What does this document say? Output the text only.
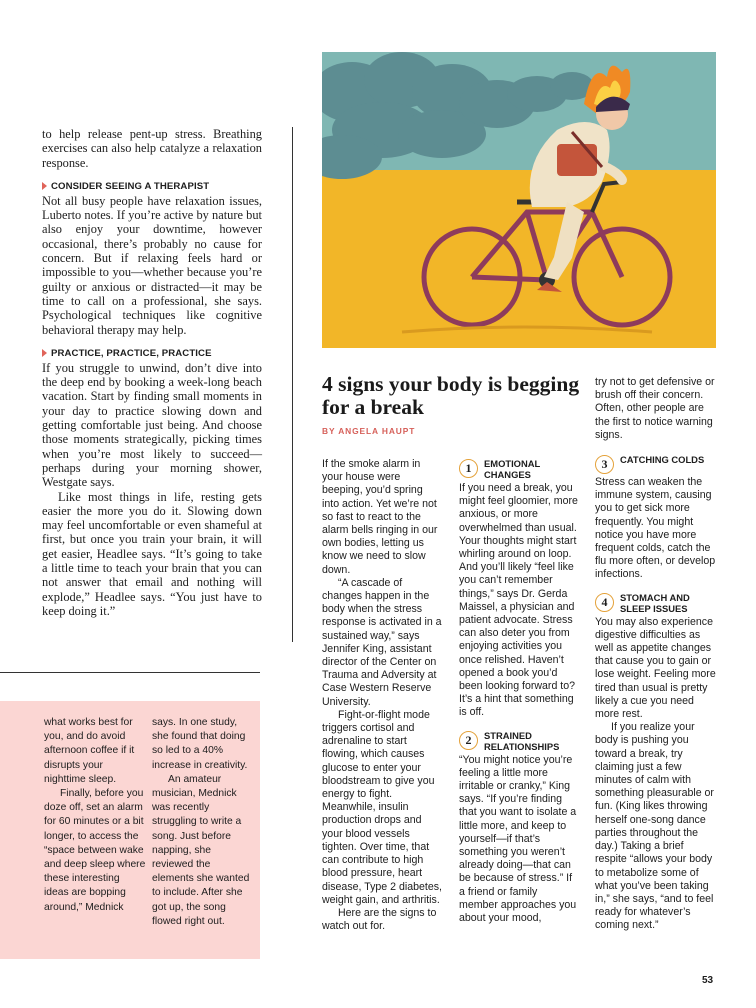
to help release pent-up stress. Breathing exercises can also help catalyze a relaxation response.

CONSIDER SEEING A THERAPIST

Not all busy people have relaxation issues, Luberto notes. If you’re active by nature but also enjoy your downtime, however occasional, there’s probably no cause for concern. But if relaxing feels hard or impossible to you—whether because you’re guilty or anxious or distracted—it may be time to call on a professional, she says. Psychological techniques like cognitive behavioral therapy may help.

PRACTICE, PRACTICE, PRACTICE

If you struggle to unwind, don’t dive into the deep end by booking a week-long beach vacation. Start by finding small moments in your day to practice slowing down and getting comfortable just being. And choose those moments strategically, picking times when you’re most likely to succeed—perhaps during your morning shower, Westgate says.

Like most things in life, resting gets easier the more you do it. Slowing down may feel uncomfortable or even shameful at first, but once you train your brain, it will get easier, Headlee says. “It’s going to take a little time to teach your brain that you can not answer that email and nothing will explode,” Headlee says. “You just have to keep doing it.”

what works best for you, and do avoid afternoon coffee if it disrupts your nighttime sleep.

Finally, before you doze off, set an alarm for 60 minutes or a bit longer, to access the “space between wake and deep sleep where these interesting ideas are bopping around,” Mednick

says. In one study, she found that doing so led to a 40% increase in creativity.

An amateur musician, Mednick was recently struggling to write a song. Just before napping, she reviewed the elements she wanted to include. After she got up, the song flowed right out.

4 signs your body is begging for a break
BY ANGELA HAUPT

If the smoke alarm in your house were beeping, you’d spring into action. Yet we’re not so fast to react to the alarm bells ringing in our own bodies, letting us know we need to slow down.

“A cascade of changes happen in the body when the stress response is activated in a sustained way,” says Jennifer King, assistant director of the Center on Trauma and Adversity at Case Western Reserve University.

Fight-or-flight mode triggers cortisol and adrenaline to start flowing, which causes glucose to enter your bloodstream to give you energy to fight. Meanwhile, insulin production drops and your blood vessels tighten. Over time, that can contribute to high blood pressure, heart disease, Type 2 diabetes, weight gain, and arthritis.

Here are the signs to watch out for.

1	EMOTIONAL CHANGES

If you need a break, you might feel gloomier, more anxious, or more overwhelmed than usual. Your thoughts might start whirling around on loop. And you’ll likely “feel like you can’t remember things,” says Dr. Gerda Maissel, a physician and patient advocate. Stress can also deter you from enjoying activities you once relished. Haven’t opened a book you’d been looking forward to? It’s a hint that something is off.

2	STRAINED RELATIONSHIPS

“You might notice you’re feeling a little more irritable or cranky,” King says. “If you’re finding that you want to isolate a little more, and keep to yourself—if that’s something you weren’t already doing—that can be because of stress.” If a friend or family member approaches you about your mood,

try not to get defensive or brush off their concern. Often, other people are the first to notice warning signs.

3	CATCHING COLDS

Stress can weaken the immune system, causing you to get sick more frequently. You might notice you have more frequent colds, catch the flu more often, or develop infections.

4	STOMACH AND SLEEP ISSUES

You may also experience digestive difficulties as well as appetite changes that cause you to gain or lose weight. Feeling more tired than usual is pretty likely a cue you need more rest.

If you realize your body is pushing you toward a break, try claiming just a few minutes of calm with something pleasurable or fun. (King likes throwing herself one-song dance parties throughout the day.) Taking a brief respite “allows your body to metabolize some of what you’ve been taking in,” she says, “and to feel ready for whatever’s coming next.”

53
